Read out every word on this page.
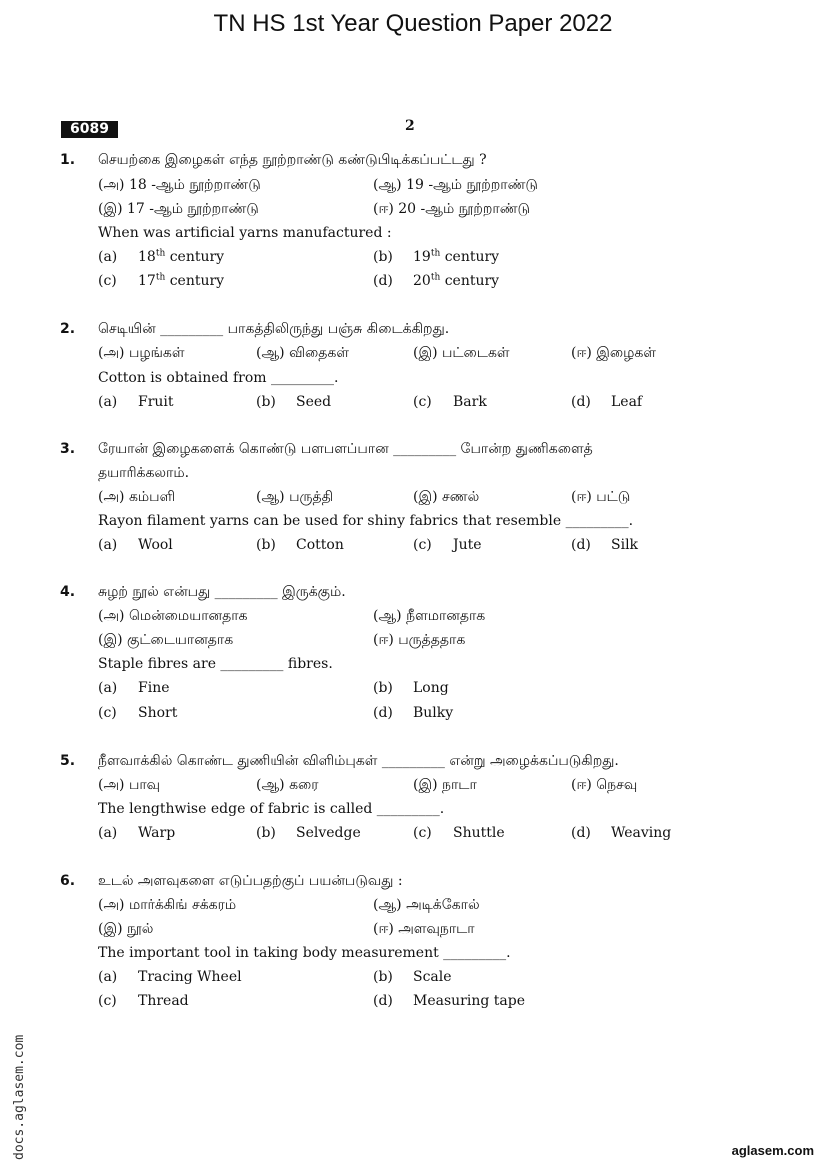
TN HS 1st Year Question Paper 2022
6089	2
1. செயற்கை இழைகள் எந்த நூற்றாண்டு கண்டுபிடிக்கப்பட்டது ?
(அ) 18 -ஆம் நூற்றாண்டு	(ஆ) 19 -ஆம் நூற்றாண்டு
(இ) 17 -ஆம் நூற்றாண்டு	(ஈ) 20 -ஆம் நூற்றாண்டு
When was artificial yarns manufactured :
(a) 18th century	(b) 19th century
(c) 17th century	(d) 20th century
2. செடியின் _________ பாகத்திலிருந்து பஞ்சு கிடைக்கிறது.
(அ) பழங்கள்	(ஆ) விதைகள்	(இ) பட்டைகள்	(ஈ) இழைகள்
Cotton is obtained from _________.
(a) Fruit	(b) Seed	(c) Bark	(d) Leaf
3. ரேயான் இழைகளைக் கொண்டு பளபளப்பான _________ போன்ற துணிகளைத்
தயாரிக்கலாம்.
(அ) கம்பளி	(ஆ) பருத்தி	(இ) சணல்	(ஈ) பட்டு
Rayon filament yarns can be used for shiny fabrics that resemble _________.
(a) Wool	(b) Cotton	(c) Jute	(d) Silk
4. சுழற் நூல் என்பது _________ இருக்கும்.
(அ) மென்மையானதாக	(ஆ) நீளமானதாக
(இ) குட்டையானதாக	(ஈ) பருத்ததாக
Staple fibres are _________ fibres.
(a) Fine	(b) Long
(c) Short	(d) Bulky
5. நீளவாக்கில் கொண்ட துணியின் விளிம்புகள் _________ என்று அழைக்கப்படுகிறது.
(அ) பாவு	(ஆ) கரை	(இ) நாடா	(ஈ) நெசவு
The lengthwise edge of fabric is called _________.
(a) Warp	(b) Selvedge	(c) Shuttle	(d) Weaving
6. உடல் அளவுகளை எடுப்பதற்குப் பயன்படுவது :
(அ) மார்க்கிங் சக்கரம்	(ஆ) அடிக்கோல்
(இ) நூல்	(ஈ) அளவுநாடா
The important tool in taking body measurement _________.
(a) Tracing Wheel	(b) Scale
(c) Thread	(d) Measuring tape
docs.aglasem.com	aglasem.com
